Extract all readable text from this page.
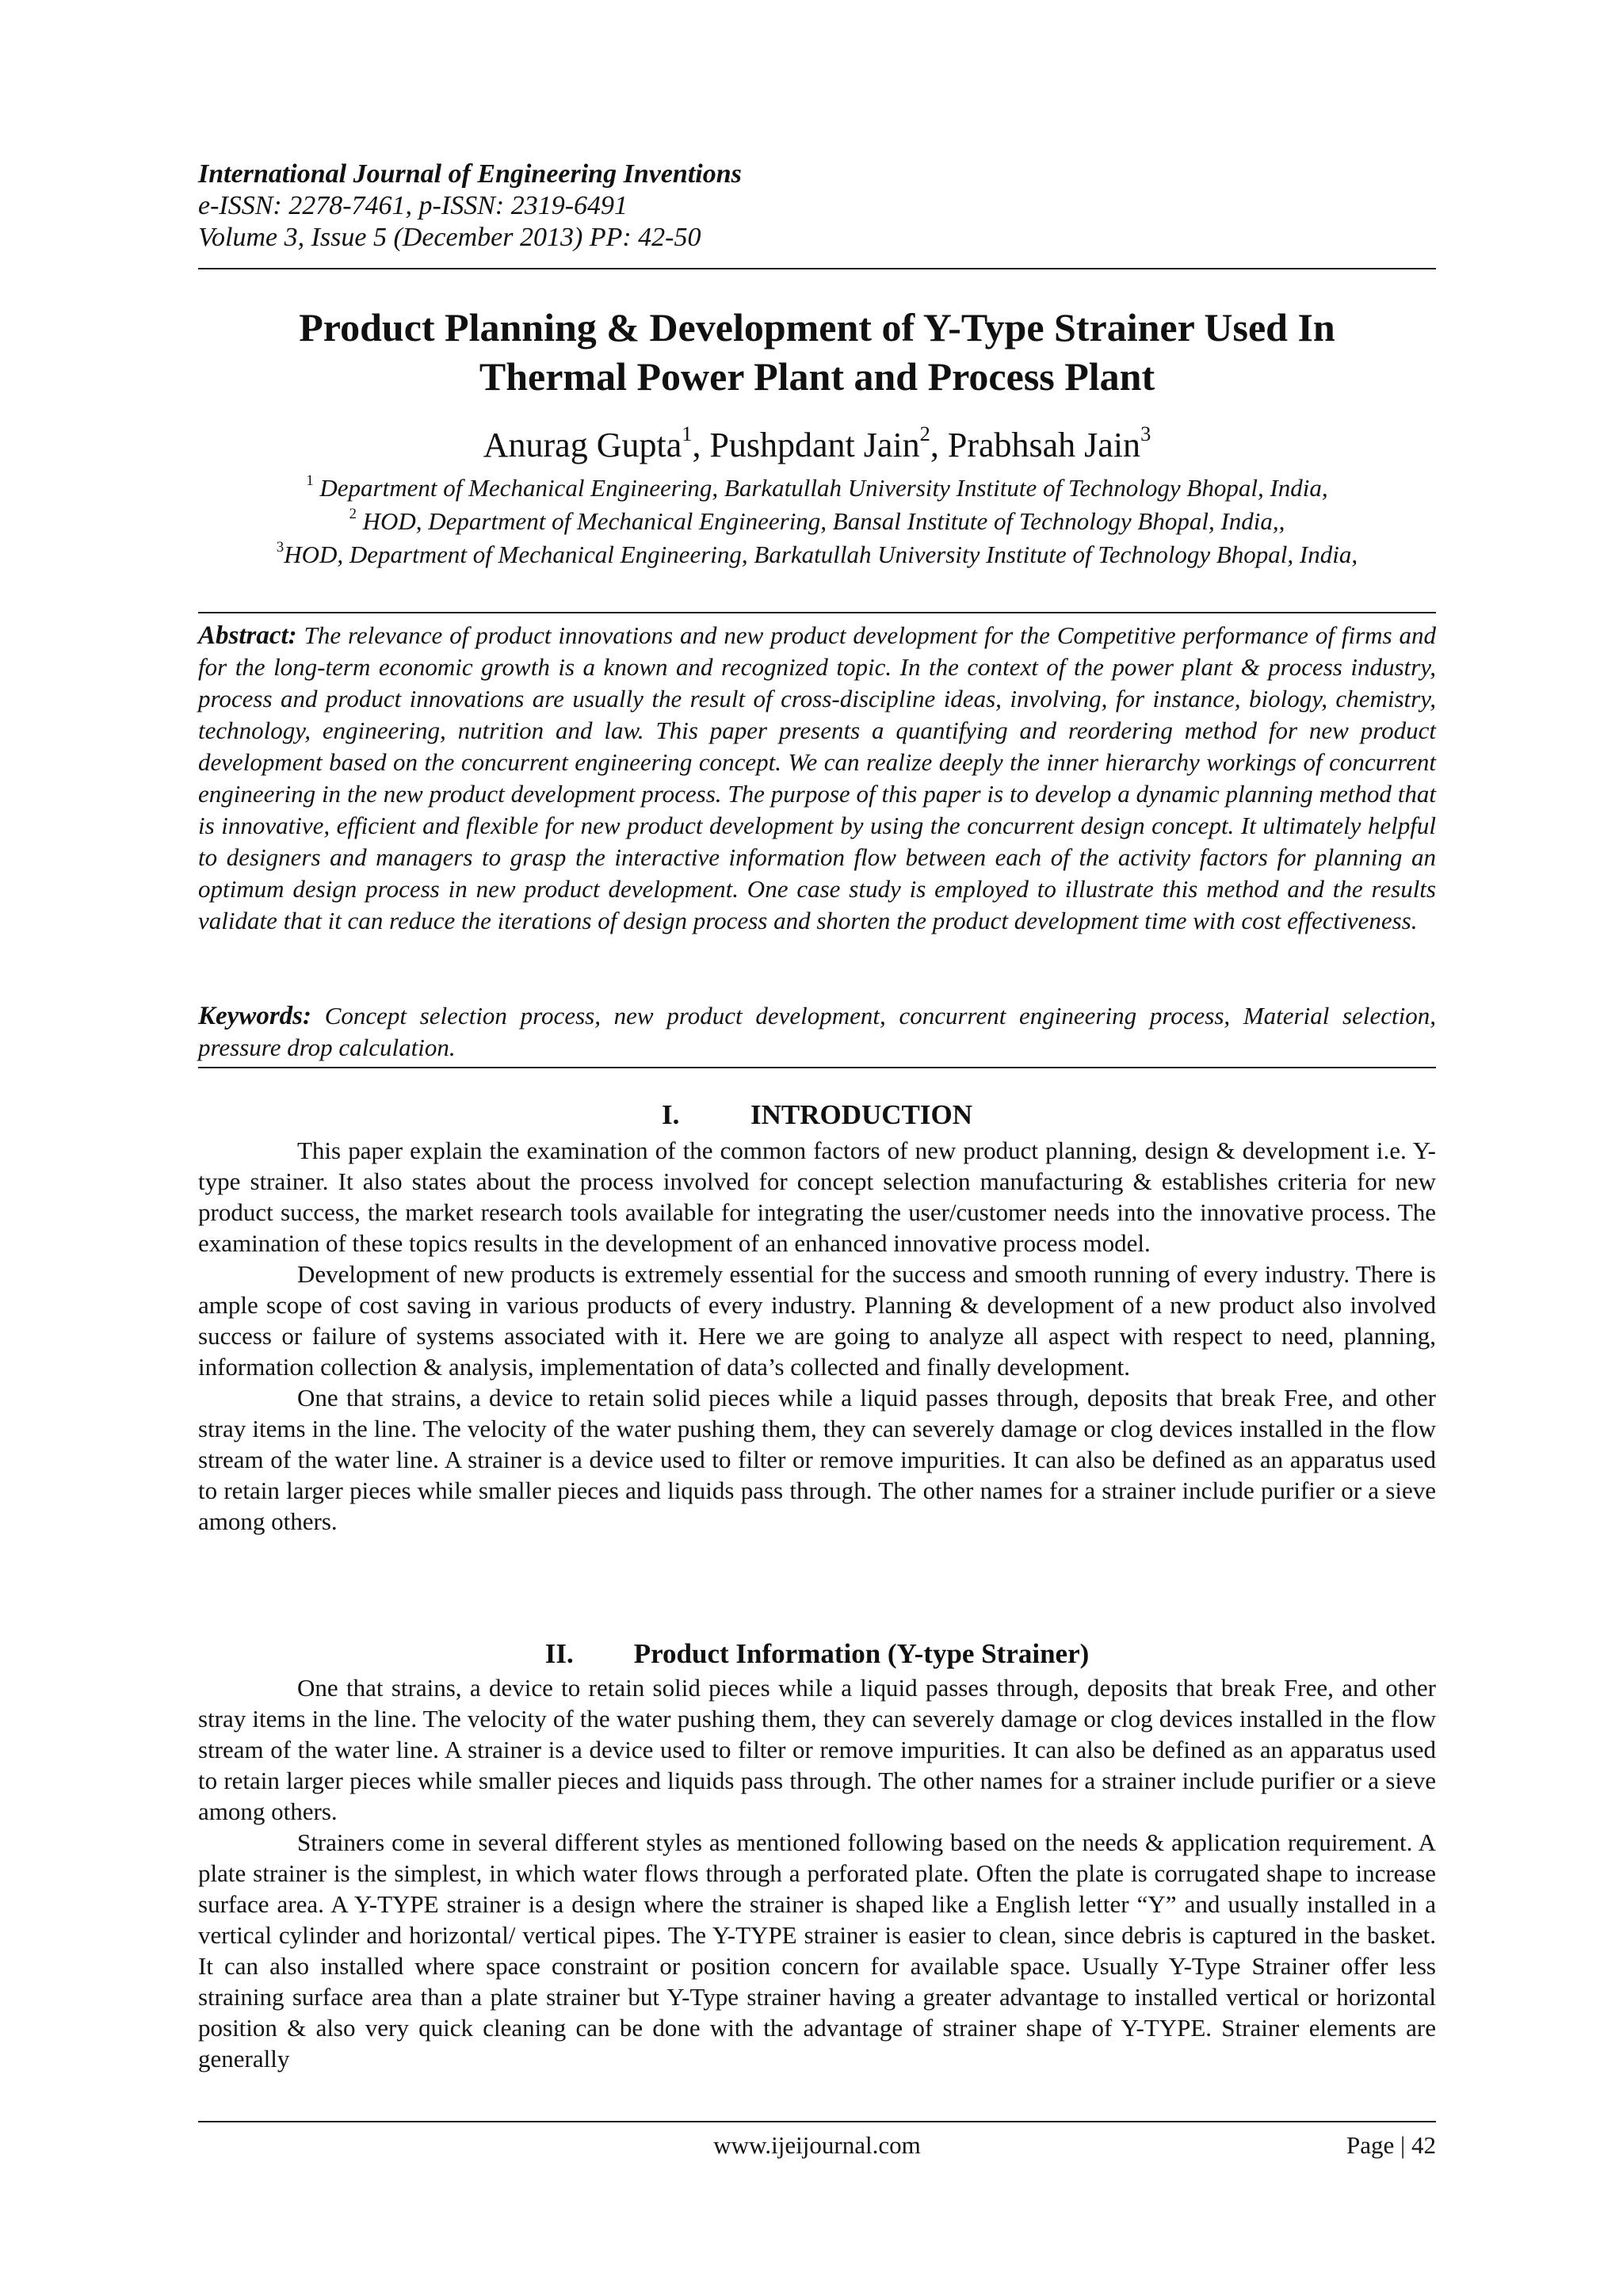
International Journal of Engineering Inventions
e-ISSN: 2278-7461, p-ISSN: 2319-6491
Volume 3, Issue 5 (December 2013) PP: 42-50
Product Planning & Development of Y-Type Strainer Used In
Thermal Power Plant and Process Plant
Anurag Gupta$^1$, Pushpdant Jain$^2$, Prabhsah Jain$^3$
$^1$ Department of Mechanical Engineering, Barkatullah University Institute of Technology Bhopal, India,
$^2$ HOD, Department of Mechanical Engineering, Bansal Institute of Technology Bhopal, India,,
$^3$HOD, Department of Mechanical Engineering, Barkatullah University Institute of Technology Bhopal, India,
Abstract: The relevance of product innovations and new product development for the Competitive performance of firms and for the long-term economic growth is a known and recognized topic. In the context of the power plant & process industry, process and product innovations are usually the result of cross-discipline ideas, involving, for instance, biology, chemistry, technology, engineering, nutrition and law. This paper presents a quantifying and reordering method for new product development based on the concurrent engineering concept. We can realize deeply the inner hierarchy workings of concurrent engineering in the new product development process. The purpose of this paper is to develop a dynamic planning method that is innovative, efficient and flexible for new product development by using the concurrent design concept. It ultimately helpful to designers and managers to grasp the interactive information flow between each of the activity factors for planning an optimum design process in new product development. One case study is employed to illustrate this method and the results validate that it can reduce the iterations of design process and shorten the product development time with cost effectiveness.
Keywords: Concept selection process, new product development, concurrent engineering process, Material selection, pressure drop calculation.
I.	INTRODUCTION

This paper explain the examination of the common factors of new product planning, design & development i.e. Y- type strainer. It also states about the process involved for concept selection manufacturing & establishes criteria for new product success, the market research tools available for integrating the user/customer needs into the innovative process. The examination of these topics results in the development of an enhanced innovative process model.

Development of new products is extremely essential for the success and smooth running of every industry. There is ample scope of cost saving in various products of every industry. Planning & development of a new product also involved success or failure of systems associated with it. Here we are going to analyze all aspect with respect to need, planning, information collection & analysis, implementation of data’s collected and finally development.

One that strains, a device to retain solid pieces while a liquid passes through, deposits that break Free, and other stray items in the line. The velocity of the water pushing them, they can severely damage or clog devices installed in the flow stream of the water line. A strainer is a device used to filter or remove impurities. It can also be defined as an apparatus used to retain larger pieces while smaller pieces and liquids pass through. The other names for a strainer include purifier or a sieve among others.

II. Product Information (Y-type Strainer)

One that strains, a device to retain solid pieces while a liquid passes through, deposits that break Free, and other stray items in the line. The velocity of the water pushing them, they can severely damage or clog devices installed in the flow stream of the water line. A strainer is a device used to filter or remove impurities. It can also be defined as an apparatus used to retain larger pieces while smaller pieces and liquids pass through. The other names for a strainer include purifier or a sieve among others.

Strainers come in several different styles as mentioned following based on the needs & application requirement. A plate strainer is the simplest, in which water flows through a perforated plate. Often the plate is corrugated shape to increase surface area. A Y-TYPE strainer is a design where the strainer is shaped like a English letter “Y” and usually installed in a vertical cylinder and horizontal/ vertical pipes. The Y-TYPE strainer is easier to clean, since debris is captured in the basket. It can also installed where space constraint or position concern for available space. Usually Y-Type Strainer offer less straining surface area than a plate strainer but Y-Type strainer having a greater advantage to installed vertical or horizontal position & also very quick cleaning can be done with the advantage of strainer shape of Y-TYPE. Strainer elements are generally

www.ijeijournal.com	Page | 42
